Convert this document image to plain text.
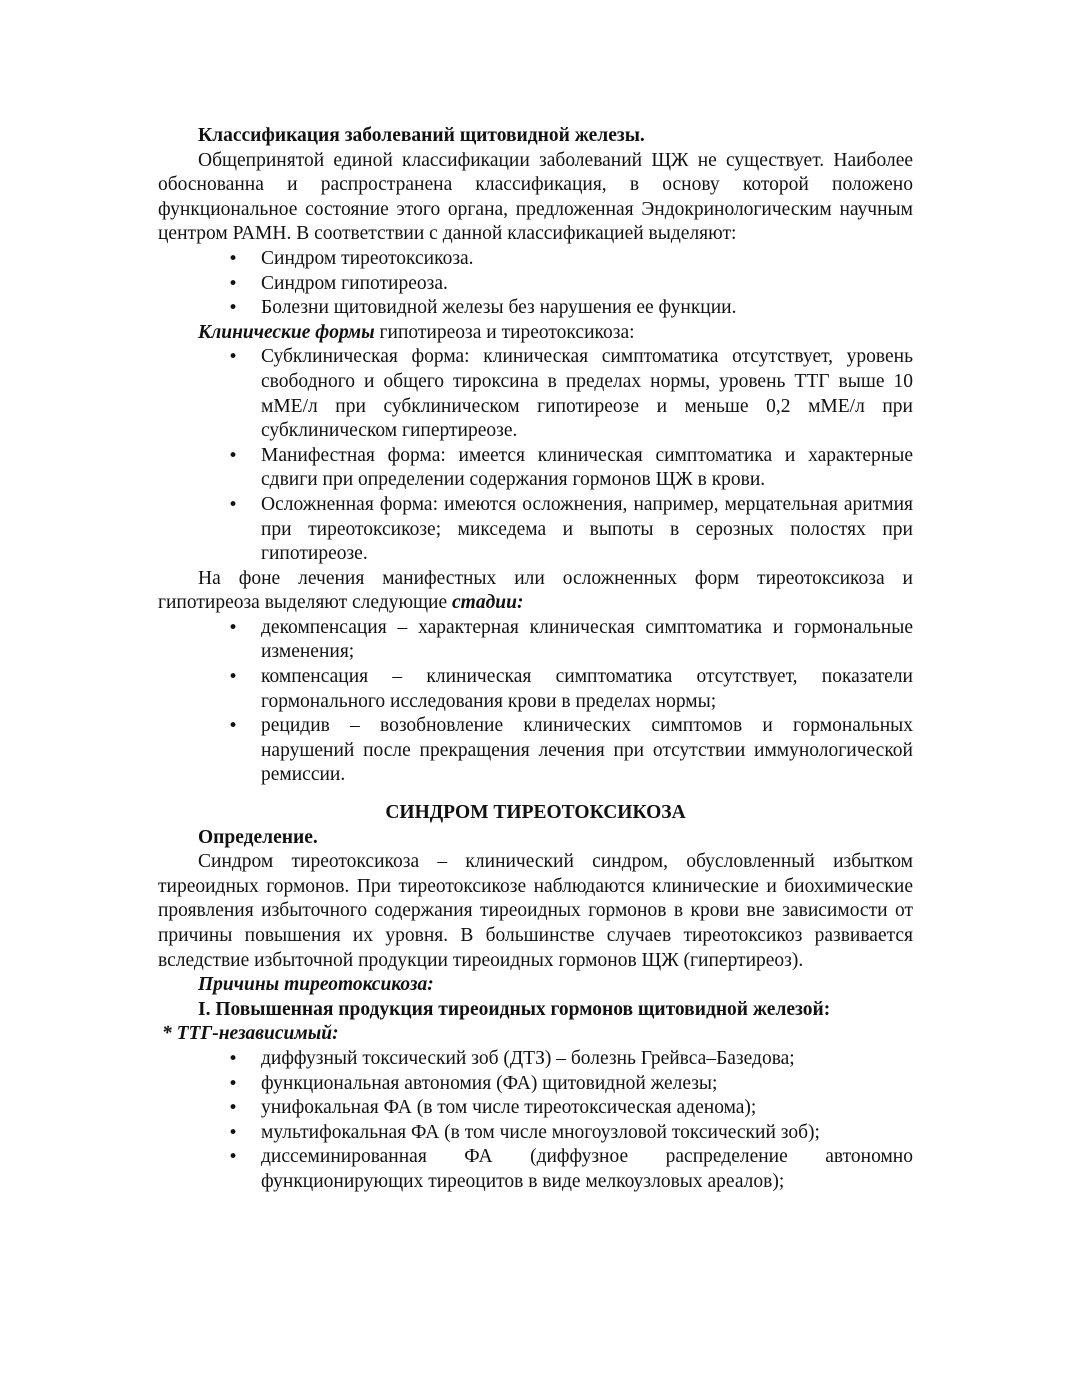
Классификация заболеваний щитовидной железы.

Общепринятой единой классификации заболеваний ЩЖ не существует. Наиболее обоснованна и распространена классификация, в основу которой положено функциональное состояние этого органа, предложенная Эндокринологическим научным центром РАМН. В соответствии с данной классификацией выделяют:

• Синдром тиреотоксикоза.
• Синдром гипотиреоза.
• Болезни щитовидной железы без нарушения ее функции.

Клинические формы гипотиреоза и тиреотоксикоза:

• Субклиническая форма: клиническая симптоматика отсутствует, уровень свободного и общего тироксина в пределах нормы, уровень ТТГ выше 10 мМЕ/л при субклиническом гипотиреозе и меньше 0,2 мМЕ/л при субклиническом гипертиреозе.
• Манифестная форма: имеется клиническая симптоматика и характерные сдвиги при определении содержания гормонов ЩЖ в крови.
• Осложненная форма: имеются осложнения, например, мерцательная аритмия при тиреотоксикозе; микседема и выпоты в серозных полостях при гипотиреозе.

На фоне лечения манифестных или осложненных форм тиреотоксикоза и гипотиреоза выделяют следующие стадии:

• декомпенсация – характерная клиническая симптоматика и гормональные изменения;
• компенсация – клиническая симптоматика отсутствует, показатели гормонального исследования крови в пределах нормы;
• рецидив – возобновление клинических симптомов и гормональных нарушений после прекращения лечения при отсутствии иммунологической ремиссии.

СИНДРОМ ТИРЕОТОКСИКОЗА

Определение.

Синдром тиреотоксикоза – клинический синдром, обусловленный избытком тиреоидных гормонов. При тиреотоксикозе наблюдаются клинические и биохимические проявления избыточного содержания тиреоидных гормонов в крови вне зависимости от причины повышения их уровня. В большинстве случаев тиреотоксикоз развивается вследствие избыточной продукции тиреоидных гормонов ЩЖ (гипертиреоз).

Причины тиреотоксикоза:

I. Повышенная продукция тиреоидных гормонов щитовидной железой:

* ТТГ-независимый:

• диффузный токсический зоб (ДТЗ) – болезнь Грейвса–Базедова;
• функциональная автономия (ФА) щитовидной железы;
• унифокальная ФА (в том числе тиреотоксическая аденома);
• мультифокальная ФА (в том числе многоузловой токсический зоб);
• диссеминированная ФА (диффузное распределение автономно функционирующих тиреоцитов в виде мелкоузловых ареалов);
